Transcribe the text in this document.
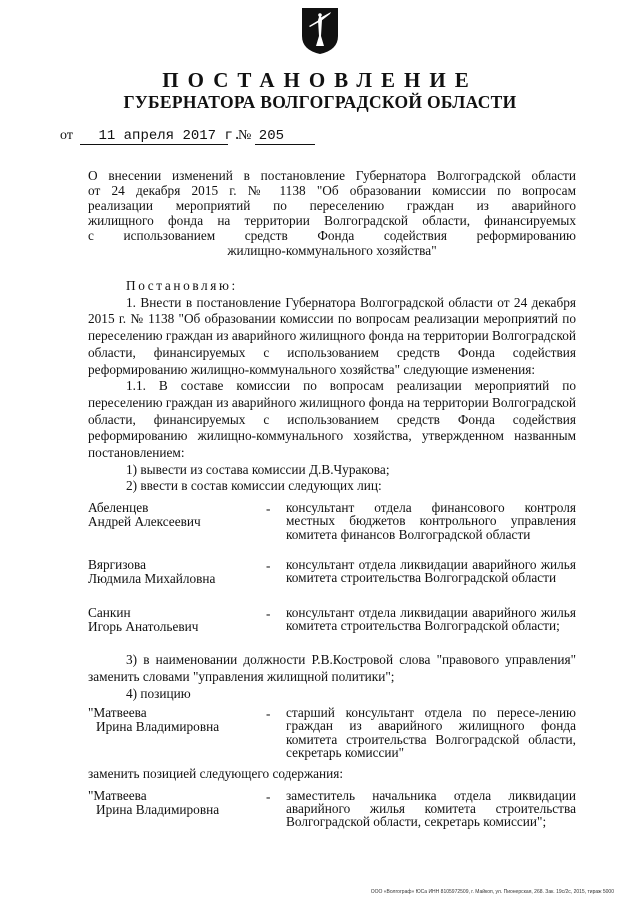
ПОСТАНОВЛЕНИЕ
ГУБЕРНАТОРА ВОЛГОГРАДСКОЙ ОБЛАСТИ
от 11 апреля 2017 г. № 205
О внесении изменений в постановление Губернатора Волгоградской области
от 24 декабря 2015 г. № 1138 "Об образовании комиссии по вопросам
реализации мероприятий по переселению граждан из аварийного
жилищного фонда на территории Волгоградской области, финансируемых
с использованием средств Фонда содействия реформированию
жилищно-коммунального хозяйства"
Постановляю:
1. Внести в постановление Губернатора Волгоградской области от 24 декабря 2015 г. № 1138 "Об образовании комиссии по вопросам реализации мероприятий по переселению граждан из аварийного жилищного фонда на территории Волгоградской области, финансируемых с использованием средств Фонда содействия реформированию жилищно-коммунального хозяйства" следующие изменения:
1.1. В составе комиссии по вопросам реализации мероприятий по переселению граждан из аварийного жилищного фонда на территории Волгоградской области, финансируемых с использованием средств Фонда содействия реформированию жилищно-коммунального хозяйства, утвержденном названным постановлением:
1) вывести из состава комиссии Д.В.Чуракова;
2) ввести в состав комиссии следующих лиц:
Абеленцев
Андрей Алексеевич
- консультант отдела финансового контроля местных бюджетов контрольного управления комитета финансов Волгоградской области
Вяргизова
Людмила Михайловна
- консультант отдела ликвидации аварийного жилья комитета строительства Волгоградской области
Санкин
Игорь Анатольевич
- консультант отдела ликвидации аварийного жилья комитета строительства Волгоградской области;
3) в наименовании должности Р.В.Костровой слова "правового управления" заменить словами "управления жилищной политики";
4) позицию
"Матвеева
Ирина Владимировна
- старший консультант отдела по пересе-лению граждан из аварийного жилищного фонда комитета строительства Волгоградской области, секретарь комиссии"
заменить позицией следующего содержания:
"Матвеева
Ирина Владимировна
- заместитель начальника отдела ликвидации аварийного жилья комитета строительства Волгоградской области, секретарь комиссии";
ООО «Волгограф» ЮСа ИНН 8105972509, г. Майкоп, ул. Пионерская, 268. Зак. 19с/2с, 2015, тираж 5000
